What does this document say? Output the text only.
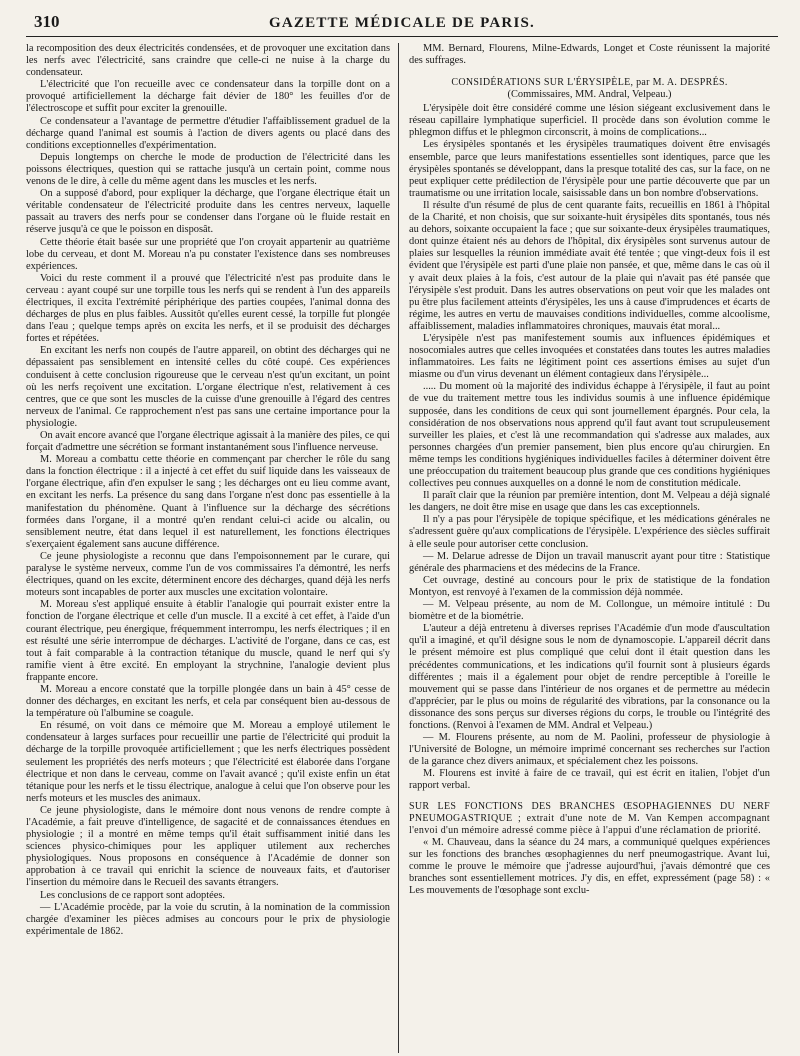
310	GAZETTE MÉDICALE DE PARIS.

la recomposition des deux électricités condensées, et de provoquer une excitation dans les nerfs avec l'électricité, sans craindre que celle-ci ne nuise à la charge du condensateur.

L'électricité que l'on recueille avec ce condensateur dans la torpille dont on a provoqué artificiellement la décharge fait dévier de 180° les feuilles d'or de l'électroscope et suffit pour exciter la grenouille.

Ce condensateur a l'avantage de permettre d'étudier l'affaiblissement graduel de la décharge quand l'animal est soumis à l'action de divers agents ou placé dans des conditions exceptionnelles d'expérimentation.

Depuis longtemps on cherche le mode de production de l'électricité dans les poissons électriques, question qui se rattache jusqu'à un certain point, comme nous venons de le dire, à celle du même agent dans les muscles et les nerfs.

On a supposé d'abord, pour expliquer la décharge, que l'organe électrique était un véritable condensateur de l'électricité produite dans les centres nerveux, laquelle passait au travers des nerfs pour se condenser dans l'organe où le fluide restait en réserve jusqu'à ce que le poisson en disposât.

Cette théorie était basée sur une propriété que l'on croyait appartenir au quatrième lobe du cerveau, et dont M. Moreau n'a pu constater l'existence dans ses nombreuses expériences.

Voici du reste comment il a prouvé que l'électricité n'est pas produite dans le cerveau : ayant coupé sur une torpille tous les nerfs qui se rendent à l'un des appareils électriques, il excita l'extrémité périphérique des parties coupées, l'animal donna des décharges de plus en plus faibles. Aussitôt qu'elles eurent cessé, la torpille fut plongée dans l'eau ; quelque temps après on excita les nerfs, et il se produisit des décharges fortes et répétées.

En excitant les nerfs non coupés de l'autre appareil, on obtint des décharges qui ne dépassaient pas sensiblement en intensité celles du côté coupé. Ces expériences conduisent à cette conclusion rigoureuse que le cerveau n'est qu'un excitant, un point où les nerfs reçoivent une excitation. L'organe électrique n'est, relativement à ces centres, que ce que sont les muscles de la cuisse d'une grenouille à l'égard des centres nerveux de l'animal. Ce rapprochement n'est pas sans une certaine importance pour la physiologie.

On avait encore avancé que l'organe électrique agissait à la manière des piles, ce qui forçait d'admettre une sécrétion se formant instantanément sous l'influence nerveuse.

M. Moreau a combattu cette théorie en commençant par chercher le rôle du sang dans la fonction électrique : il a injecté à cet effet du suif liquide dans les vaisseaux de l'organe électrique, afin d'en expulser le sang ; les décharges ont eu lieu comme avant, en excitant les nerfs. La présence du sang dans l'organe n'est donc pas essentielle à la manifestation du phénomène. Quant à l'influence sur la décharge des sécrétions formées dans l'organe, il a montré qu'en rendant celui-ci acide ou alcalin, ou sensiblement neutre, état dans lequel il est naturellement, les fonctions électriques s'exerçaient également sans aucune différence.

Ce jeune physiologiste a reconnu que dans l'empoisonnement par le curare, qui paralyse le système nerveux, comme l'un de vos commissaires l'a démontré, les nerfs électriques, quand on les excite, déterminent encore des décharges, quand déjà les nerfs moteurs sont incapables de porter aux muscles une excitation volontaire.

M. Moreau s'est appliqué ensuite à établir l'analogie qui pourrait exister entre la fonction de l'organe électrique et celle d'un muscle. Il a excité à cet effet, à l'aide d'un courant électrique, peu énergique, fréquemment interrompu, les nerfs électriques ; il en est résulté une série interrompue de décharges. L'activité de l'organe, dans ce cas, est tout à fait comparable à la contraction tétanique du muscle, quand le nerf qui s'y ramifie vient à être excité. En employant la strychnine, l'analogie devient plus frappante encore.

M. Moreau a encore constaté que la torpille plongée dans un bain à 45° cesse de donner des décharges, en excitant les nerfs, et cela par conséquent bien au-dessous de la température où l'albumine se coagule.

En résumé, on voit dans ce mémoire que M. Moreau a employé utilement le condensateur à larges surfaces pour recueillir une partie de l'électricité qui produit la décharge de la torpille provoquée artificiellement ; que les nerfs électriques possèdent seulement les propriétés des nerfs moteurs ; que l'électricité est élaborée dans l'organe électrique et non dans le cerveau, comme on l'avait avancé ; qu'il existe enfin un état tétanique pour les nerfs et le tissu électrique, analogue à celui que l'on observe pour les nerfs moteurs et les muscles des animaux.

Ce jeune physiologiste, dans le mémoire dont nous venons de rendre compte à l'Académie, a fait preuve d'intelligence, de sagacité et de connaissances étendues en physiologie ; il a montré en même temps qu'il était suffisamment initié dans les sciences physico-chimiques pour les appliquer utilement aux recherches physiologiques. Nous proposons en conséquence à l'Académie de donner son approbation à ce travail qui enrichit la science de nouveaux faits, et d'autoriser l'insertion du mémoire dans le Recueil des savants étrangers.

Les conclusions de ce rapport sont adoptées.

— L'Académie procède, par la voie du scrutin, à la nomination de la commission chargée d'examiner les pièces admises au concours pour le prix de physiologie expérimentale de 1862.

MM. Bernard, Flourens, Milne-Edwards, Longet et Coste réunissent la majorité des suffrages.

CONSIDÉRATIONS SUR L'ÉRYSIPÈLE, par M. A. DESPRÉS.

(Commissaires, MM. Andral, Velpeau.)

L'érysipèle doit être considéré comme une lésion siégeant exclusivement dans le réseau capillaire lymphatique superficiel. Il procède dans son évolution comme le phlegmon diffus et le phlegmon circonscrit, à moins de complications...

Les érysipèles spontanés et les érysipèles traumatiques doivent être envisagés ensemble, parce que leurs manifestations essentielles sont identiques, parce que les érysipèles spontanés se développant, dans la presque totalité des cas, sur la face, on ne peut expliquer cette prédilection de l'érysipèle pour une partie découverte que par un traumatisme ou une irritation locale, saisissable dans un bon nombre d'observations.

Il résulte d'un résumé de plus de cent quarante faits, recueillis en 1861 à l'hôpital de la Charité, et non choisis, que sur soixante-huit érysipèles dits spontanés, tous nés au dehors, soixante occupaient la face ; que sur soixante-deux érysipèles traumatiques, dont quinze étaient nés au dehors de l'hôpital, dix érysipèles sont survenus autour de plaies sur lesquelles la réunion immédiate avait été tentée ; que vingt-deux fois il est évident que l'érysipèle est parti d'une plaie non pansée, et que, même dans le cas où il y avait deux plaies à la fois, c'est autour de la plaie qui n'avait pas été pansée que l'érysipèle s'est produit. Dans les autres observations on peut voir que les malades ont pu être plus facilement atteints d'érysipèles, les uns à cause d'imprudences et écarts de régime, les autres en vertu de mauvaises conditions individuelles, comme alcoolisme, affaiblissement, maladies inflammatoires chroniques, mauvais état moral...

L'érysipèle n'est pas manifestement soumis aux influences épidémiques et nosocomiales autres que celles invoquées et constatées dans toutes les autres maladies inflammatoires. Les faits ne légitiment point ces assertions émises au sujet d'un miasme ou d'un virus devenant un élément contagieux dans l'érysipèle...

..... Du moment où la majorité des individus échappe à l'érysipèle, il faut au point de vue du traitement mettre tous les individus soumis à une influence épidémique supposée, dans les conditions de ceux qui sont journellement épargnés. Pour cela, la considération de nos observations nous apprend qu'il faut avant tout scrupuleusement surveiller les plaies, et c'est là une recommandation qui s'adresse aux malades, aux personnes chargées d'un premier pansement, bien plus encore qu'au chirurgien. En même temps les conditions hygiéniques individuelles faciles à déterminer doivent être une préoccupation du traitement beaucoup plus grande que ces conditions hygiéniques collectives peu connues auxquelles on a donné le nom de constitution médicale.

Il paraît clair que la réunion par première intention, dont M. Velpeau a déjà signalé les dangers, ne doit être mise en usage que dans les cas exceptionnels.

Il n'y a pas pour l'érysipèle de topique spécifique, et les médications générales ne s'adressent guère qu'aux complications de l'érysipèle. L'expérience des siècles suffirait à elle seule pour autoriser cette conclusion.

— M. Delarue adresse de Dijon un travail manuscrit ayant pour titre : Statistique générale des pharmaciens et des médecins de la France.

Cet ouvrage, destiné au concours pour le prix de statistique de la fondation Montyon, est renvoyé à l'examen de la commission déjà nommée.

— M. Velpeau présente, au nom de M. Collongue, un mémoire intitulé : Du biomètre et de la biométrie.

L'auteur a déjà entretenu à diverses reprises l'Académie d'un mode d'auscultation qu'il a imaginé, et qu'il désigne sous le nom de dynamoscopie. L'appareil décrit dans le présent mémoire est plus compliqué que celui dont il était question dans les précédentes communications, et les indications qu'il fournit sont à plusieurs égards différentes ; mais il a également pour objet de rendre perceptible à l'oreille le mouvement qui se passe dans l'intérieur de nos organes et de permettre au médecin d'apprécier, par le plus ou moins de régularité des vibrations, par la consonance ou la dissonance des sons perçus sur diverses régions du corps, le trouble ou l'intégrité des fonctions. (Renvoi à l'examen de MM. Andral et Velpeau.)

— M. Flourens présente, au nom de M. Paolini, professeur de physiologie à l'Université de Bologne, un mémoire imprimé concernant ses recherches sur l'action de la garance chez divers animaux, et spécialement chez les poissons.

M. Flourens est invité à faire de ce travail, qui est écrit en italien, l'objet d'un rapport verbal.

SUR LES FONCTIONS DES BRANCHES ŒSOPHAGIENNES DU NERF PNEUMOGASTRIQUE ; extrait d'une note de M. Van Kempen accompagnant l'envoi d'un mémoire adressé comme pièce à l'appui d'une réclamation de priorité.

« M. Chauveau, dans la séance du 24 mars, a communiqué quelques expériences sur les fonctions des branches œsophagiennes du nerf pneumogastrique. Avant lui, comme le prouve le mémoire que j'adresse aujourd'hui, j'avais démontré que ces branches sont essentiellement motrices. J'y dis, en effet, expressément (page 58) : « Les mouvements de l'œsophage sont exclu-
